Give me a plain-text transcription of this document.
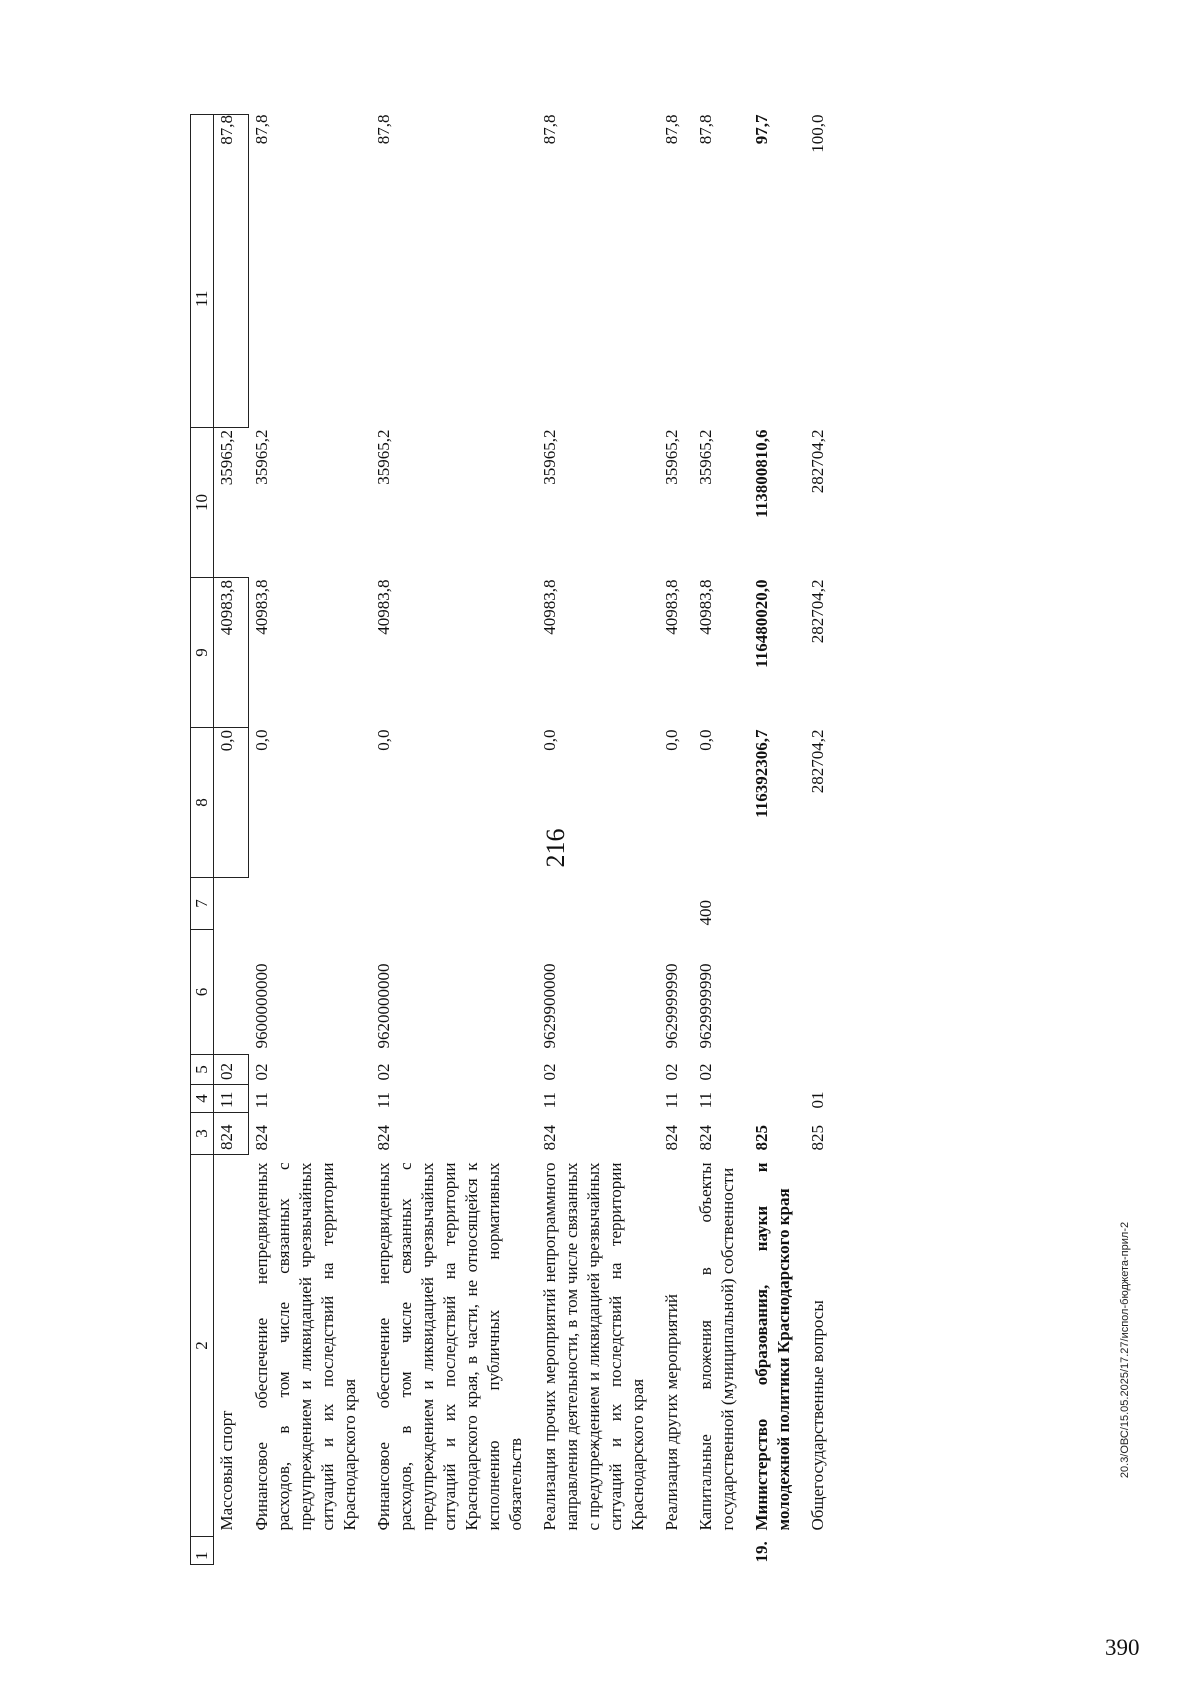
216
1	2	3	4	5	6	7	8	9	10	11
	Массовый спорт	824	11	02			0,0	40983,8	35965,2	87,8
	Финансовое обеспечение непредвиденных расходов, в том числе связанных с предупреждением и ликвидацией чрезвычайных ситуаций и их последствий на территории Краснодарского края	824	11	02	9600000000		0,0	40983,8	35965,2	87,8
	Финансовое обеспечение непредвиденных расходов, в том числе связанных с предупреждением и ликвидацией чрезвычайных ситуаций и их последствий на территории Краснодарского края, в части, не относящейся к исполнению публичных нормативных обязательств	824	11	02	9620000000		0,0	40983,8	35965,2	87,8
	Реализация прочих мероприятий непрограммного направления деятельности, в том числе связанных с предупреждением и ликвидацией чрезвычайных ситуаций и их последствий на территории Краснодарского края	824	11	02	9629900000		0,0	40983,8	35965,2	87,8
	Реализация других мероприятий	824	11	02	9629999990		0,0	40983,8	35965,2	87,8
	Капитальные вложения в объекты государственной (муниципальной) собственности	824	11	02	9629999990	400	0,0	40983,8	35965,2	87,8
19.	Министерство образования, науки и молодежной политики Краснодарского края	825					116392306,7	116480020,0	113800810,6	97,7
	Общегосударственные вопросы	825	01				282704,2	282704,2	282704,2	100,0
390
20.3/ОВС/15.05.2025/17.27/испол-бюджета-прил-2
